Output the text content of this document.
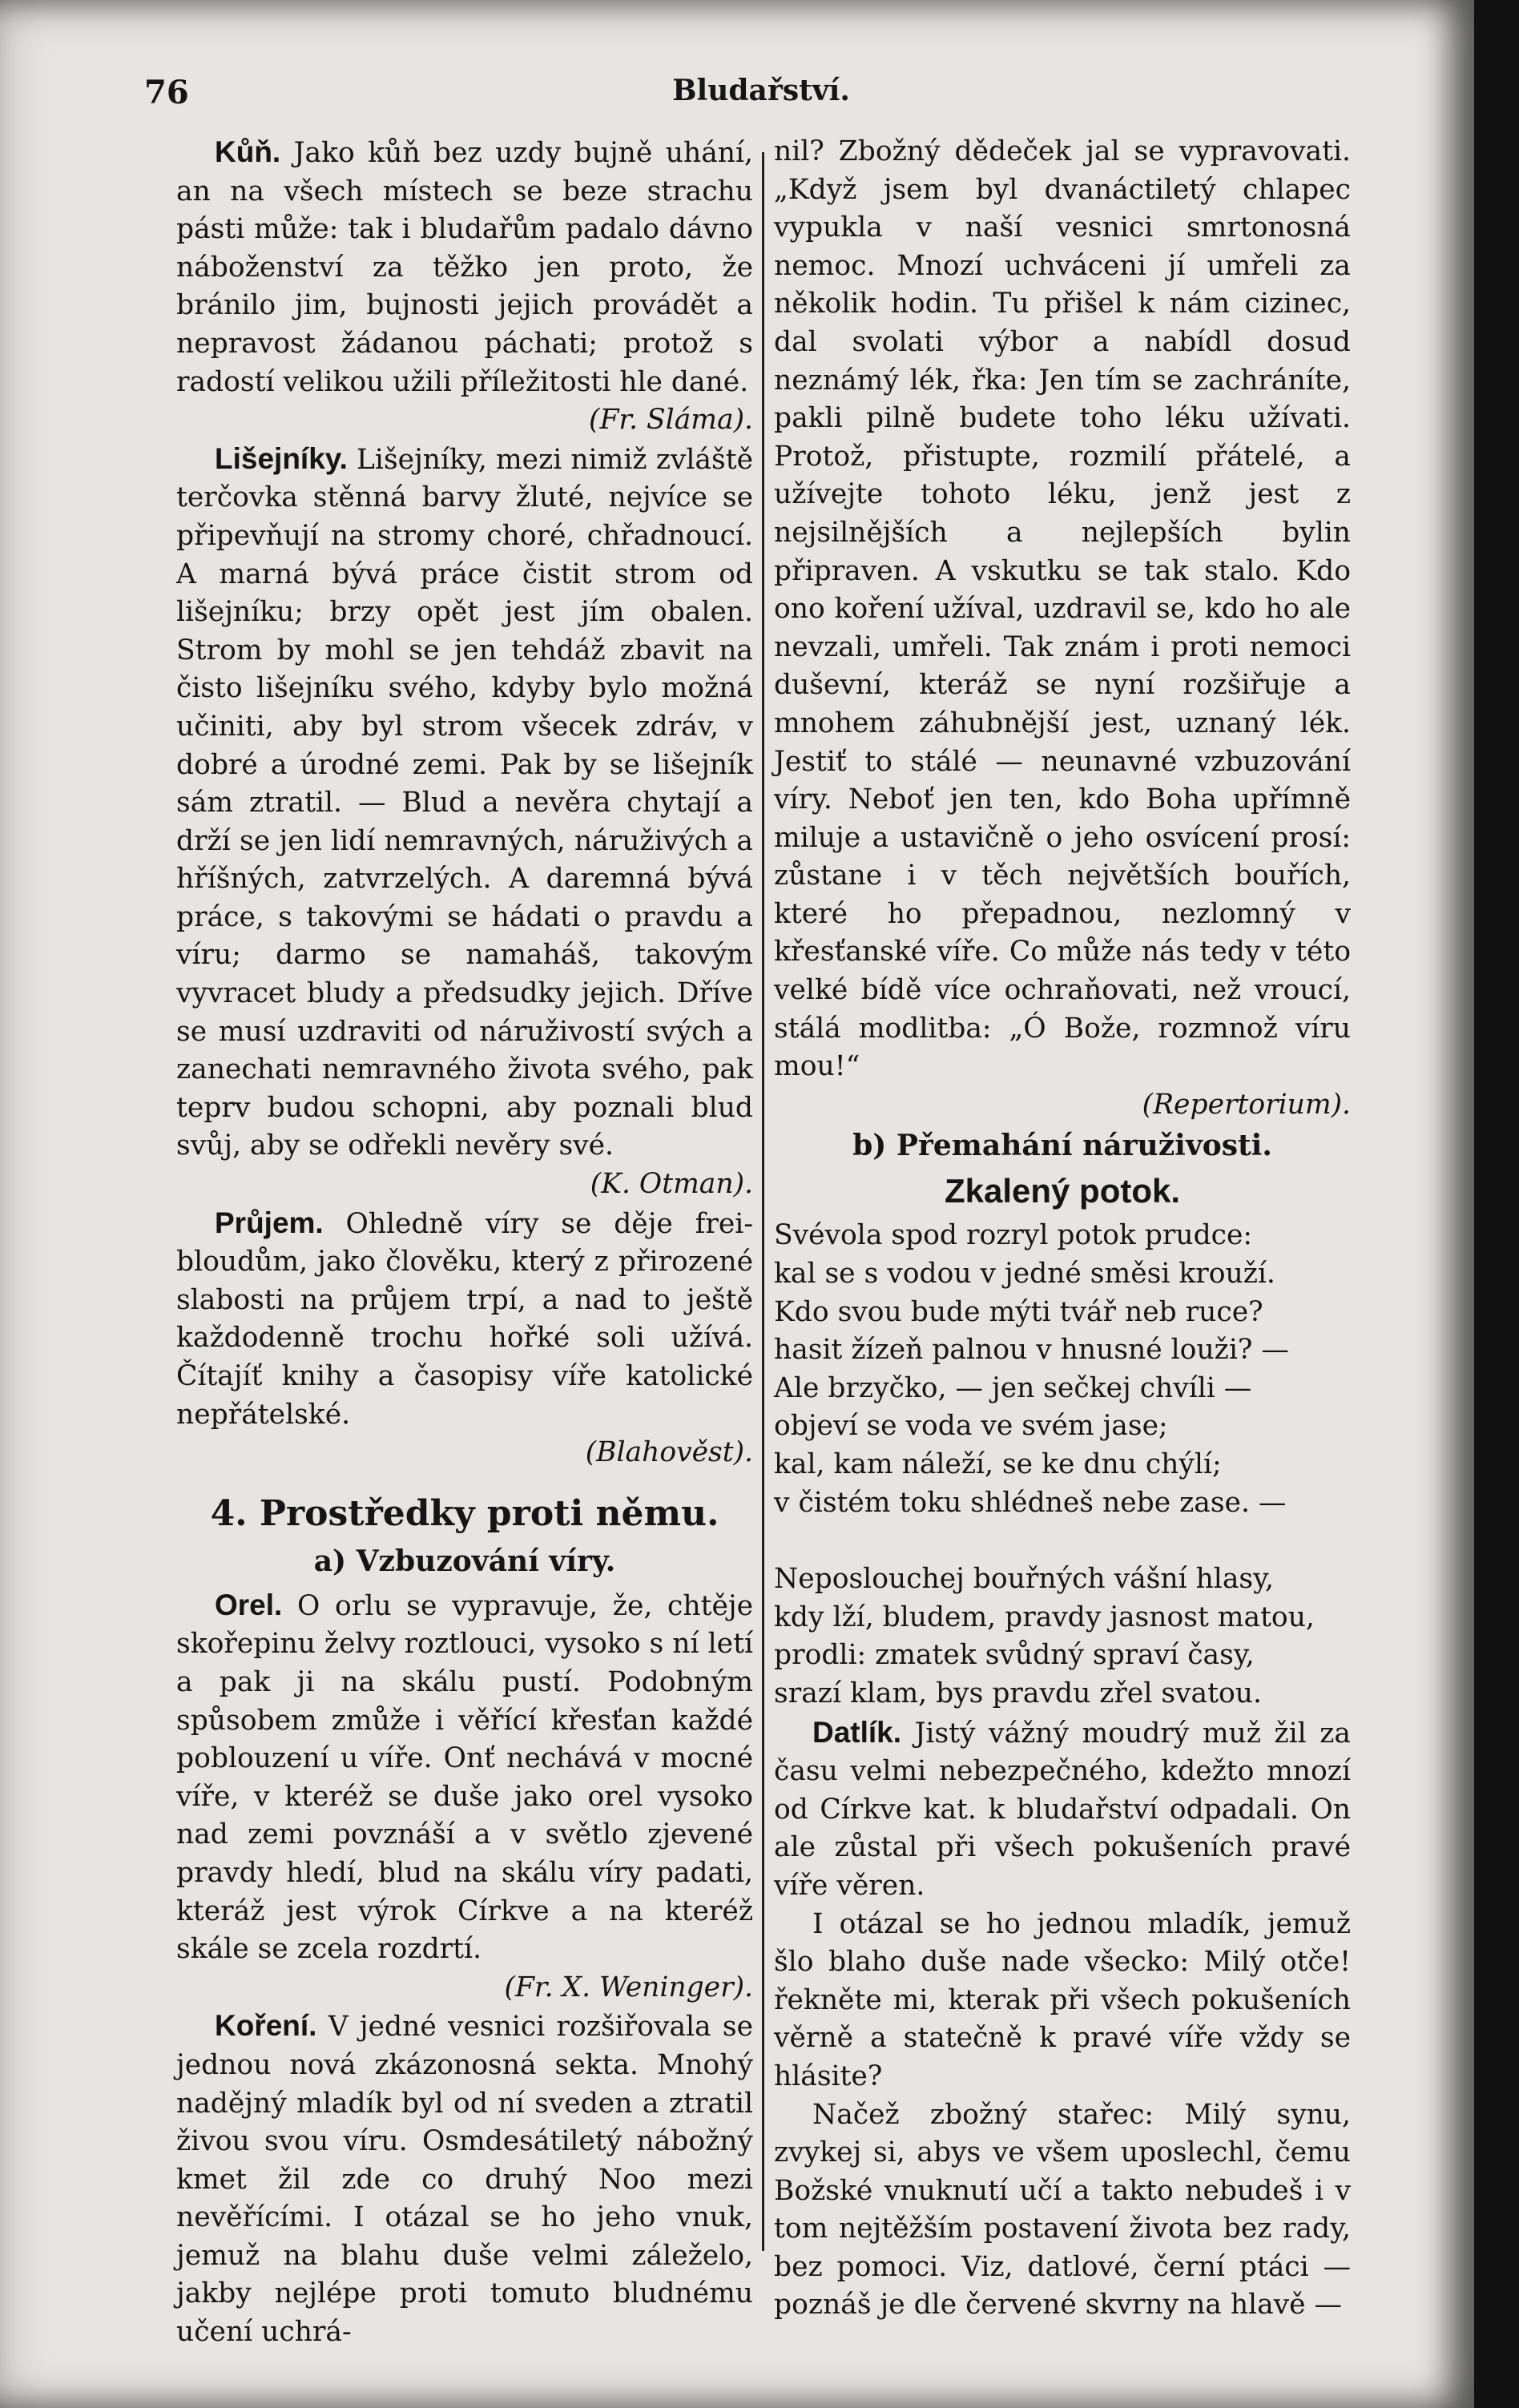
76	Bludařství.

Kůň. Jako kůň bez uzdy bujně uhání, an na všech místech se beze strachu pásti může: tak i bludařům padalo dávno náboženství za těžko jen proto, že bránilo jim, bujnosti jejich provádět a nepravost žádanou páchati; protož s radostí velikou užili příležitosti hle dané.
(Fr. Sláma).

Lišejníky. Lišejníky, mezi nimiž zvláště terčovka stěnná barvy žluté, nejvíce se připevňují na stromy choré, chřadnoucí. A marná bývá práce čistit strom od lišejníku; brzy opět jest jím obalen. Strom by mohl se jen tehdáž zbavit na čisto lišejníku svého, kdyby bylo možná učiniti, aby byl strom všecek zdráv, v dobré a úrodné zemi. Pak by se lišejník sám ztratil. — Blud a nevěra chytají a drží se jen lidí nemravných, náruživých a hříšných, zatvrzelých. A daremná bývá práce, s takovými se hádati o pravdu a víru; darmo se namaháš, takovým vyvracet bludy a předsudky jejich. Dříve se musí uzdraviti od náruživostí svých a zanechati nemravného života svého, pak teprv budou schopni, aby poznali blud svůj, aby se odřekli nevěry své.
(K. Otman).

Průjem. Ohledně víry se děje frei-bloudům, jako člověku, který z přirozené slabosti na průjem trpí, a nad to ještě každodenně trochu hořké soli užívá. Čítajíť knihy a časopisy víře katolické nepřátelské.
(Blahověst).

4. Prostředky proti němu.
a) Vzbuzování víry.

Orel. O orlu se vypravuje, že, chtěje skořepinu želvy roztlouci, vysoko s ní letí a pak ji na skálu pustí. Podobným spůsobem zmůže i věřící křesťan každé poblouzení u víře. Onť nechává v mocné víře, v kteréž se duše jako orel vysoko nad zemi povznáší a v světlo zjevené pravdy hledí, blud na skálu víry padati, kteráž jest výrok Církve a na kteréž skále se zcela rozdrtí.
(Fr. X. Weninger).

Koření. V jedné vesnici rozšiřovala se jednou nová zkázonosná sekta. Mnohý nadějný mladík byl od ní sveden a ztratil živou svou víru. Osmdesátiletý nábožný kmet žil zde co druhý Noo mezi nevěřícími. I otázal se ho jeho vnuk, jemuž na blahu duše velmi záleželo, jakby nejlépe proti tomuto bludnému učení uchrá-

nil? Zbožný dědeček jal se vypravovati. „Když jsem byl dvanáctiletý chlapec vypukla v naší vesnici smrtonosná nemoc. Mnozí uchváceni jí umřeli za několik hodin. Tu přišel k nám cizinec, dal svolati výbor a nabídl dosud neznámý lék, řka: Jen tím se zachráníte, pakli pilně budete toho léku užívati. Protož, přistupte, rozmilí přátelé, a užívejte tohoto léku, jenž jest z nejsilnějších a nejlepších bylin připraven. A vskutku se tak stalo. Kdo ono koření užíval, uzdravil se, kdo ho ale nevzali, umřeli. Tak znám i proti nemoci duševní, kteráž se nyní rozšiřuje a mnohem záhubnější jest, uznaný lék. Jestiť to stálé — neunavné vzbuzování víry. Neboť jen ten, kdo Boha upřímně miluje a ustavičně o jeho osvícení prosí: zůstane i v těch největších bouřích, které ho přepadnou, nezlomný v křesťanské víře. Co může nás tedy v této velké bídě více ochraňovati, než vroucí, stálá modlitba: „Ó Bože, rozmnož víru mou!“
(Repertorium).

b) Přemahání náruživosti.
Zkalený potok.
Svévola spod rozryl potok prudce:
kal se s vodou v jedné směsi krouží.
Kdo svou bude mýti tvář neb ruce?
hasit žízeň palnou v hnusné louži? —
Ale brzyčko, — jen sečkej chvíli —
objeví se voda ve svém jase;
kal, kam náleží, se ke dnu chýlí;
v čistém toku shlédneš nebe zase. —
Neposlouchej bouřných vášní hlasy,
kdy lží, bludem, pravdy jasnost matou,
prodli: zmatek svůdný spraví časy,
srazí klam, bys pravdu zřel svatou.

Datlík. Jistý vážný moudrý muž žil za času velmi nebezpečného, kdežto mnozí od Církve kat. k bludařství odpadali. On ale zůstal při všech pokušeních pravé víře věren.

I otázal se ho jednou mladík, jemuž šlo blaho duše nade všecko: Milý otče! řekněte mi, kterak při všech pokušeních věrně a statečně k pravé víře vždy se hlásite?

Načež zbožný stařec: Milý synu, zvykej si, abys ve všem uposlechl, čemu Božské vnuknutí učí a takto nebudeš i v tom nejtěžším postavení života bez rady, bez pomoci. Viz, datlové, černí ptáci — poznáš je dle červené skvrny na hlavě —
